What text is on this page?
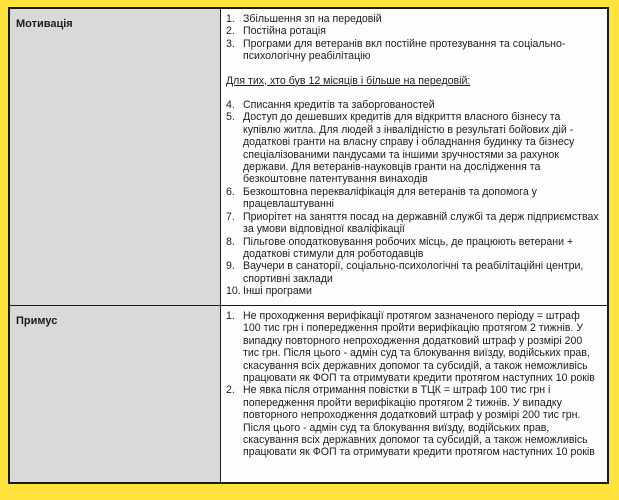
Мотивація	1. Збільшення зп на передовій
2. Постійна ротація
3. Програми для ветеранів вкл постійне протезування та соціально-психологічну реабілітацію
Для тих, хто був 12 місяців і більше на передовій:
4. Списання кредитів та заборгованостей
5. Доступ до дешевших кредитів для відкриття власного бізнесу та купівлю житла. Для людей з інвалідністю в результаті бойових дій - додаткові гранти на власну справу і обладнання будинку та бізнесу спеціалізованими пандусами та іншими зручностями за рахунок держави. Для ветеранів-науковців гранти на дослідження та безкоштовне патентування винаходів
6. Безкоштовна перекваліфікація для ветеранів та допомога у працевлаштуванні
7. Приорітет на заняття посад на державній службі та держ підприємствах за умови відповідної кваліфікації
8. Пільгове оподатковування робочих місць, де працюють ветерани + додаткові стимули для роботодавців
9. Ваучери в санаторії, соціально-психологічні та реабілітаційні центри, спортивні заклади
10. Інші програми
Примус	1. Не проходження верифікації протягом зазначеного періоду = штраф 100 тис грн і попередження пройти верифікацію протягом 2 тижнів. У випадку повторного непроходження додатковий штраф у розмірі 200 тис грн. Після цього - адмін суд та блокування виїзду, водійських прав, скасування всіх державних допомог та субсидій, а також неможливісь працювати як ФОП та отримувати кредити протягом наступних 10 років
2. Не явка після отримання повістки в ТЦК = штраф 100 тис грн і попередження пройти верифікацію протягом 2 тижнів. У випадку повторного непроходження додатковий штраф у розмірі 200 тис грн. Після цього - адмін суд та блокування виїзду, водійських прав, скасування всіх державних допомог та субсидій, а також неможливісь працювати як ФОП та отримувати кредити протягом наступних 10 років
